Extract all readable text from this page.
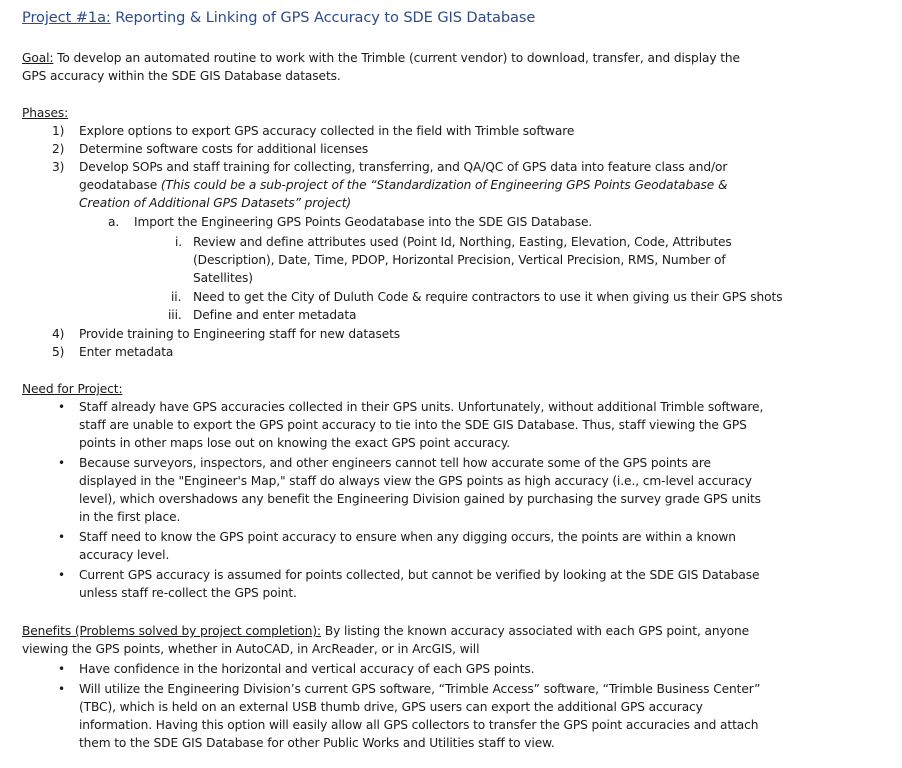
Project #1a: Reporting & Linking of GPS Accuracy to SDE GIS Database
Goal: To develop an automated routine to work with the Trimble (current vendor) to download, transfer, and display the
GPS accuracy within the SDE GIS Database datasets.
Phases:
1) Explore options to export GPS accuracy collected in the field with Trimble software
2) Determine software costs for additional licenses
3) Develop SOPs and staff training for collecting, transferring, and QA/QC of GPS data into feature class and/or
geodatabase (This could be a sub-project of the “Standardization of Engineering GPS Points Geodatabase &
Creation of Additional GPS Datasets” project)
a. Import the Engineering GPS Points Geodatabase into the SDE GIS Database.
i. Review and define attributes used (Point Id, Northing, Easting, Elevation, Code, Attributes
(Description), Date, Time, PDOP, Horizontal Precision, Vertical Precision, RMS, Number of
Satellites)
ii. Need to get the City of Duluth Code & require contractors to use it when giving us their GPS shots
iii. Define and enter metadata
4) Provide training to Engineering staff for new datasets
5) Enter metadata
Need for Project:
• Staff already have GPS accuracies collected in their GPS units. Unfortunately, without additional Trimble software,
staff are unable to export the GPS point accuracy to tie into the SDE GIS Database. Thus, staff viewing the GPS
points in other maps lose out on knowing the exact GPS point accuracy.
• Because surveyors, inspectors, and other engineers cannot tell how accurate some of the GPS points are
displayed in the "Engineer's Map," staff do always view the GPS points as high accuracy (i.e., cm-level accuracy
level), which overshadows any benefit the Engineering Division gained by purchasing the survey grade GPS units
in the first place.
• Staff need to know the GPS point accuracy to ensure when any digging occurs, the points are within a known
accuracy level.
• Current GPS accuracy is assumed for points collected, but cannot be verified by looking at the SDE GIS Database
unless staff re-collect the GPS point.
Benefits (Problems solved by project completion): By listing the known accuracy associated with each GPS point, anyone
viewing the GPS points, whether in AutoCAD, in ArcReader, or in ArcGIS, will
• Have confidence in the horizontal and vertical accuracy of each GPS points.
• Will utilize the Engineering Division’s current GPS software, “Trimble Access” software, “Trimble Business Center”
(TBC), which is held on an external USB thumb drive, GPS users can export the additional GPS accuracy
information. Having this option will easily allow all GPS collectors to transfer the GPS point accuracies and attach
them to the SDE GIS Database for other Public Works and Utilities staff to view.
